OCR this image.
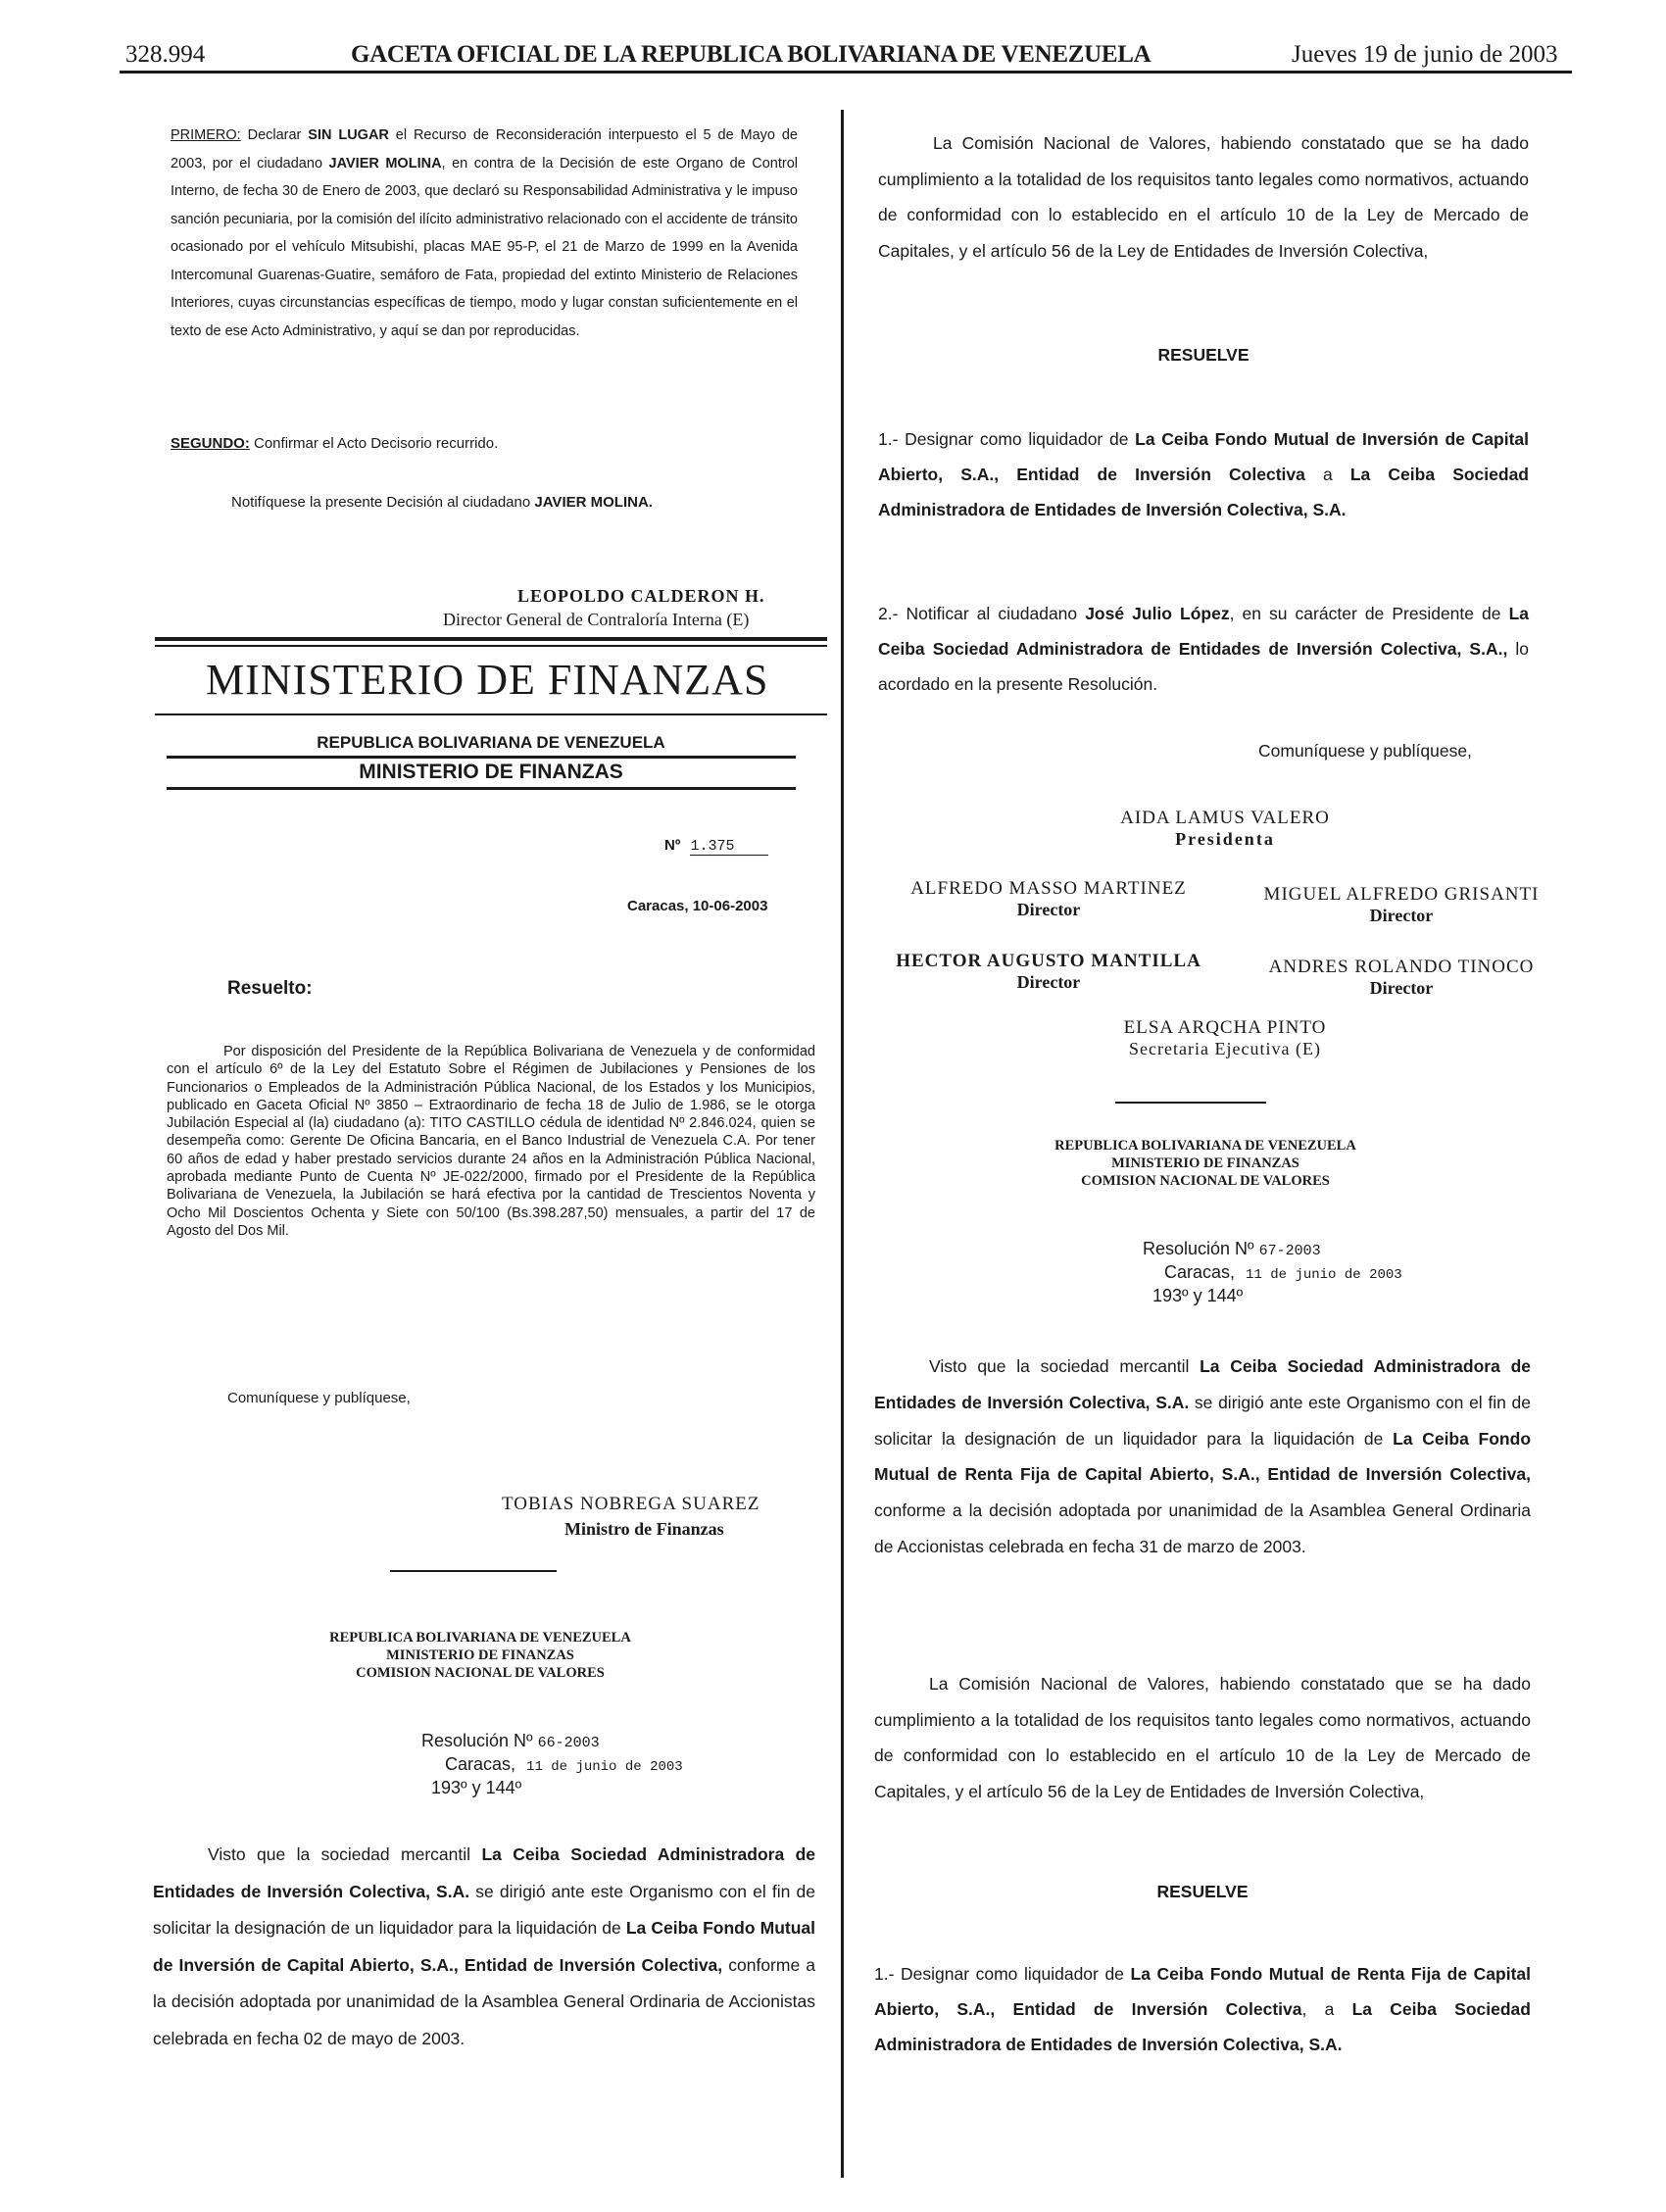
328.994	GACETA OFICIAL DE LA REPUBLICA BOLIVARIANA DE VENEZUELA	Jueves 19 de junio de 2003
PRIMERO: Declarar SIN LUGAR el Recurso de Reconsideración interpuesto el 5 de Mayo de 2003, por el ciudadano JAVIER MOLINA, en contra de la Decisión de este Organo de Control Interno, de fecha 30 de Enero de 2003, que declaró su Responsabilidad Administrativa y le impuso sanción pecuniaria, por la comisión del ilícito administrativo relacionado con el accidente de tránsito ocasionado por el vehículo Mitsubishi, placas MAE 95-P, el 21 de Marzo de 1999 en la Avenida Intercomunal Guarenas-Guatire, semáforo de Fata, propiedad del extinto Ministerio de Relaciones Interiores, cuyas circunstancias específicas de tiempo, modo y lugar constan suficientemente en el texto de ese Acto Administrativo, y aquí se dan por reproducidas.
SEGUNDO: Confirmar el Acto Decisorio recurrido.
Notifíquese la presente Decisión al ciudadano JAVIER MOLINA.
LEOPOLDO CALDERON H.
Director General de Contraloría Interna (E)
MINISTERIO DE FINANZAS
REPUBLICA BOLIVARIANA DE VENEZUELA
MINISTERIO DE FINANZAS
Nº 1.375
Caracas, 10-06-2003
Resuelto:
Por disposición del Presidente de la República Bolivariana de Venezuela y de conformidad con el artículo 6º de la Ley del Estatuto Sobre el Régimen de Jubilaciones y Pensiones de los Funcionarios o Empleados de la Administración Pública Nacional, de los Estados y los Municipios, publicado en Gaceta Oficial Nº 3850 – Extraordinario de fecha 18 de Julio de 1.986, se le otorga Jubilación Especial al (la) ciudadano (a): TITO CASTILLO cédula de identidad Nº 2.846.024, quien se desempeña como: Gerente De Oficina Bancaria, en el Banco Industrial de Venezuela C.A. Por tener 60 años de edad y haber prestado servicios durante 24 años en la Administración Pública Nacional, aprobada mediante Punto de Cuenta Nº JE-022/2000, firmado por el Presidente de la República Bolivariana de Venezuela, la Jubilación se hará efectiva por la cantidad de Trescientos Noventa y Ocho Mil Doscientos Ochenta y Siete con 50/100 (Bs.398.287,50) mensuales, a partir del 17 de Agosto del Dos Mil.
Comuníquese y publíquese,
TOBIAS NOBREGA SUAREZ
Ministro de Finanzas
REPUBLICA BOLIVARIANA DE VENEZUELA
MINISTERIO DE FINANZAS
COMISION NACIONAL DE VALORES
Resolución Nº 66-2003
Caracas, 11 de junio de 2003
193º y 144º
Visto que la sociedad mercantil La Ceiba Sociedad Administradora de Entidades de Inversión Colectiva, S.A. se dirigió ante este Organismo con el fin de solicitar la designación de un liquidador para la liquidación de La Ceiba Fondo Mutual de Inversión de Capital Abierto, S.A., Entidad de Inversión Colectiva, conforme a la decisión adoptada por unanimidad de la Asamblea General Ordinaria de Accionistas celebrada en fecha 02 de mayo de 2003.
La Comisión Nacional de Valores, habiendo constatado que se ha dado cumplimiento a la totalidad de los requisitos tanto legales como normativos, actuando de conformidad con lo establecido en el artículo 10 de la Ley de Mercado de Capitales, y el artículo 56 de la Ley de Entidades de Inversión Colectiva,
RESUELVE
1.- Designar como liquidador de La Ceiba Fondo Mutual de Inversión de Capital Abierto, S.A., Entidad de Inversión Colectiva a La Ceiba Sociedad Administradora de Entidades de Inversión Colectiva, S.A.
2.- Notificar al ciudadano José Julio López, en su carácter de Presidente de La Ceiba Sociedad Administradora de Entidades de Inversión Colectiva, S.A., lo acordado en la presente Resolución.
Comuníquese y publíquese,
AIDA LAMUS VALERO
Presidenta
ALFREDO MASSO MARTINEZ
Director
MIGUEL ALFREDO GRISANTI
Director
HECTOR AUGUSTO MANTILLA
Director
ANDRES ROLANDO TINOCO
Director
ELSA ARQCHA PINTO
Secretaria Ejecutiva (E)
REPUBLICA BOLIVARIANA DE VENEZUELA
MINISTERIO DE FINANZAS
COMISION NACIONAL DE VALORES
Resolución Nº 67-2003
Caracas, 11 de junio de 2003
193º y 144º
Visto que la sociedad mercantil La Ceiba Sociedad Administradora de Entidades de Inversión Colectiva, S.A. se dirigió ante este Organismo con el fin de solicitar la designación de un liquidador para la liquidación de La Ceiba Fondo Mutual de Renta Fija de Capital Abierto, S.A., Entidad de Inversión Colectiva, conforme a la decisión adoptada por unanimidad de la Asamblea General Ordinaria de Accionistas celebrada en fecha 31 de marzo de 2003.
La Comisión Nacional de Valores, habiendo constatado que se ha dado cumplimiento a la totalidad de los requisitos tanto legales como normativos, actuando de conformidad con lo establecido en el artículo 10 de la Ley de Mercado de Capitales, y el artículo 56 de la Ley de Entidades de Inversión Colectiva,
RESUELVE
1.- Designar como liquidador de La Ceiba Fondo Mutual de Renta Fija de Capital Abierto, S.A., Entidad de Inversión Colectiva, a La Ceiba Sociedad Administradora de Entidades de Inversión Colectiva, S.A.
